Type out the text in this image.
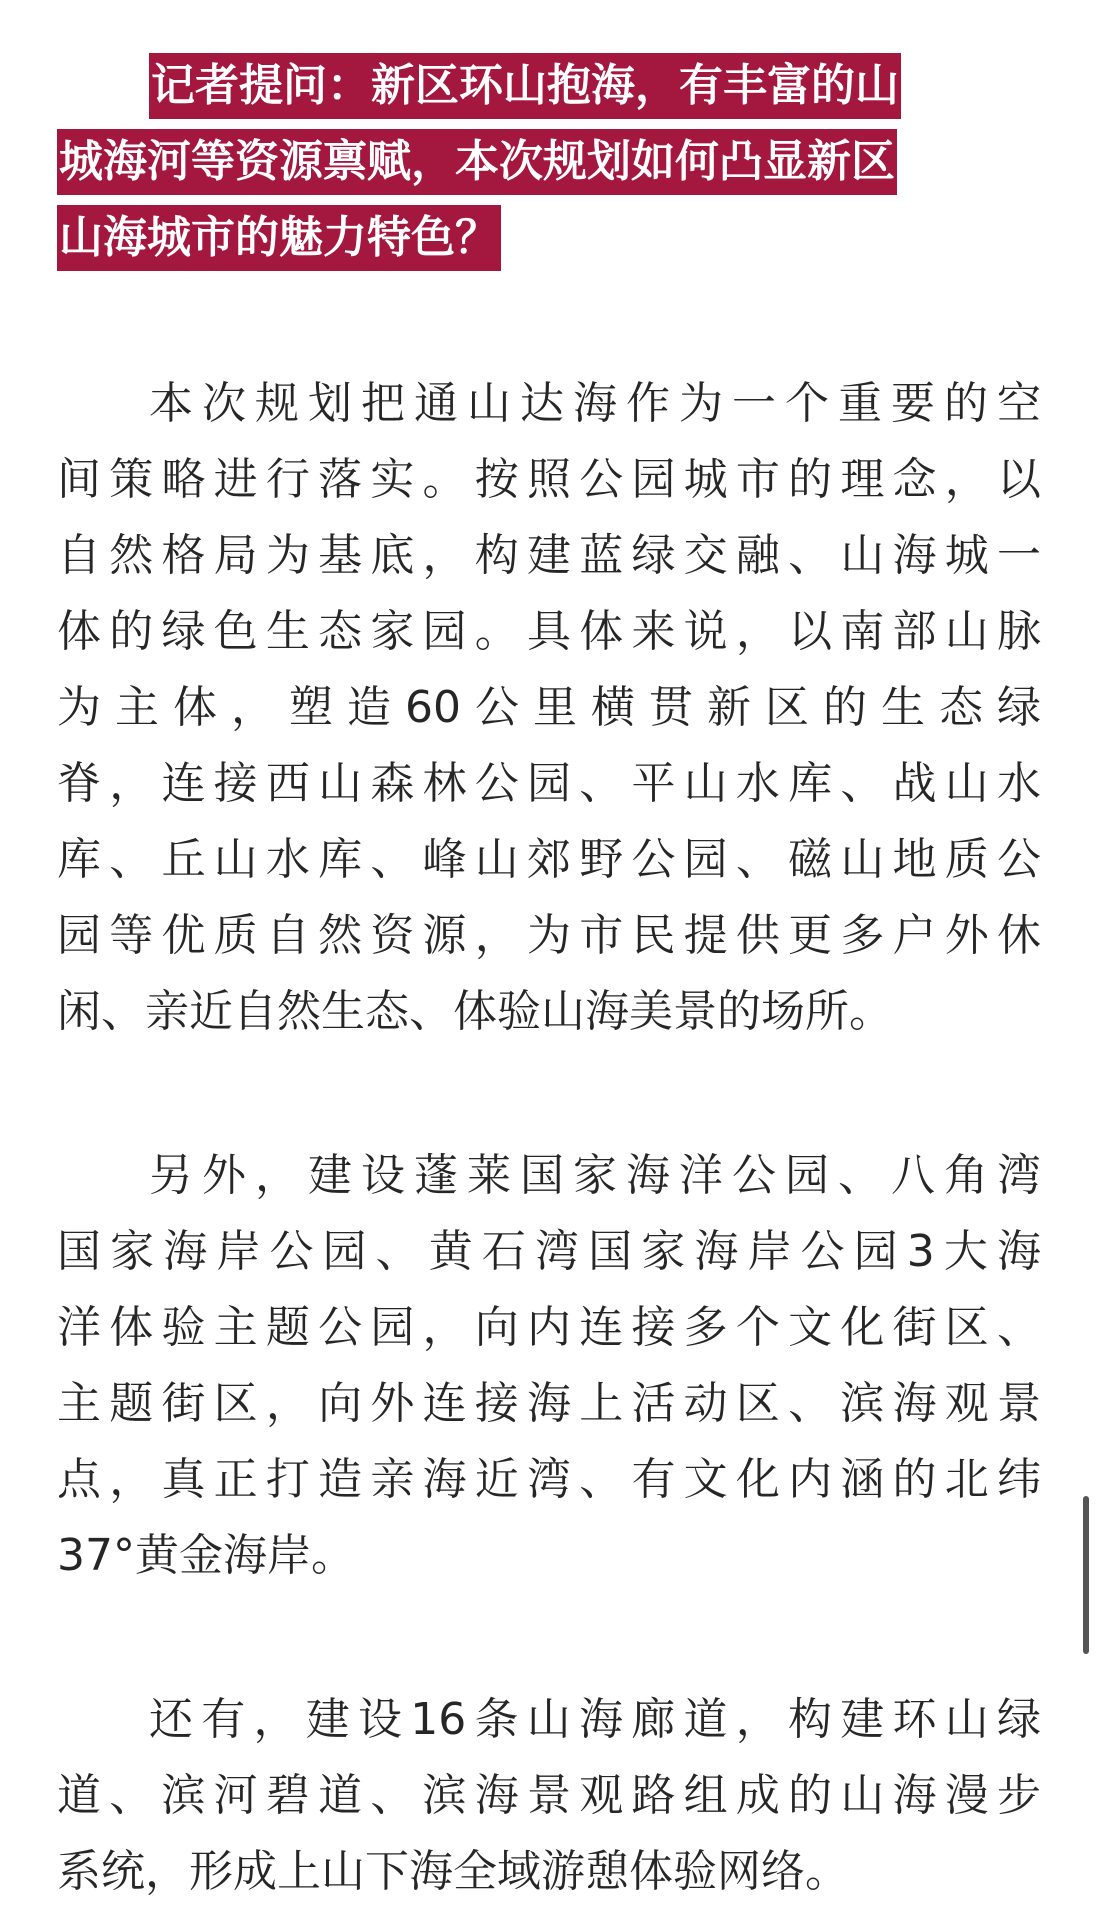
记者提问：新区环山抱海，有丰富的山
城海河等资源禀赋，本次规划如何凸显新区
山海城市的魅力特色？
本次规划把通山达海作为一个重要的空
间策略进行落实。按照公园城市的理念，以
自然格局为基底，构建蓝绿交融、山海城一
体的绿色生态家园。具体来说，以南部山脉
为主体，塑造60公里横贯新区的生态绿
脊，连接西山森林公园、平山水库、战山水
库、丘山水库、峰山郊野公园、磁山地质公
园等优质自然资源，为市民提供更多户外休
闲、亲近自然生态、体验山海美景的场所。
另外，建设蓬莱国家海洋公园、八角湾
国家海岸公园、黄石湾国家海岸公园3大海
洋体验主题公园，向内连接多个文化街区、
主题街区，向外连接海上活动区、滨海观景
点，真正打造亲海近湾、有文化内涵的北纬
37°黄金海岸。
还有，建设16条山海廊道，构建环山绿
道、滨河碧道、滨海景观路组成的山海漫步
系统，形成上山下海全域游憩体验网络。
